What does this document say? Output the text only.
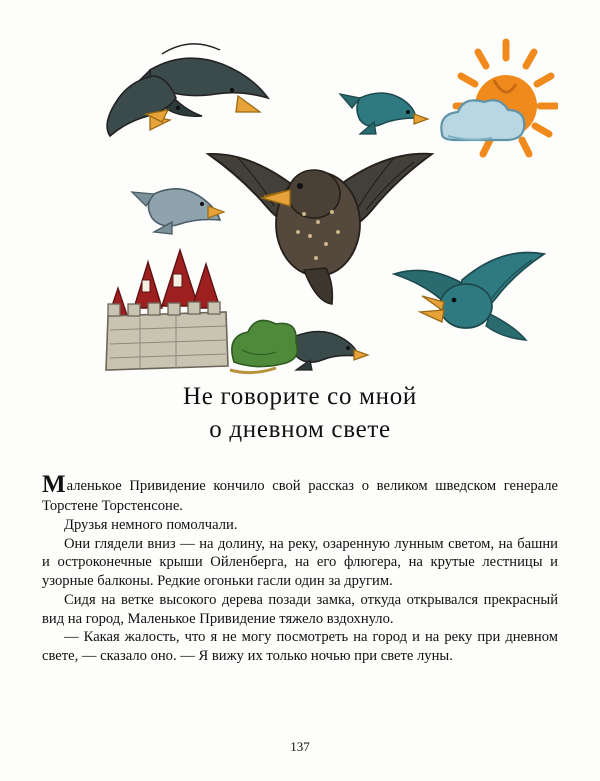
Не говорите со мной
о дневном свете

Маленькое Привидение кончило свой рассказ о великом шведском генерале Торстене Торстенсоне.

Друзья немного помолчали.

Они глядели вниз — на долину, на реку, озаренную лунным светом, на башни и остроконечные крыши Ойленберга, на его флюгера, на крутые лестницы и узорные балконы. Редкие огоньки гасли один за другим.

Сидя на ветке высокого дерева позади замка, откуда открывался прекрасный вид на город, Маленькое Привидение тяжело вздохнуло.

— Какая жалость, что я не могу посмотреть на город и на реку при дневном свете, — сказало оно. — Я вижу их только ночью при свете луны.

137
